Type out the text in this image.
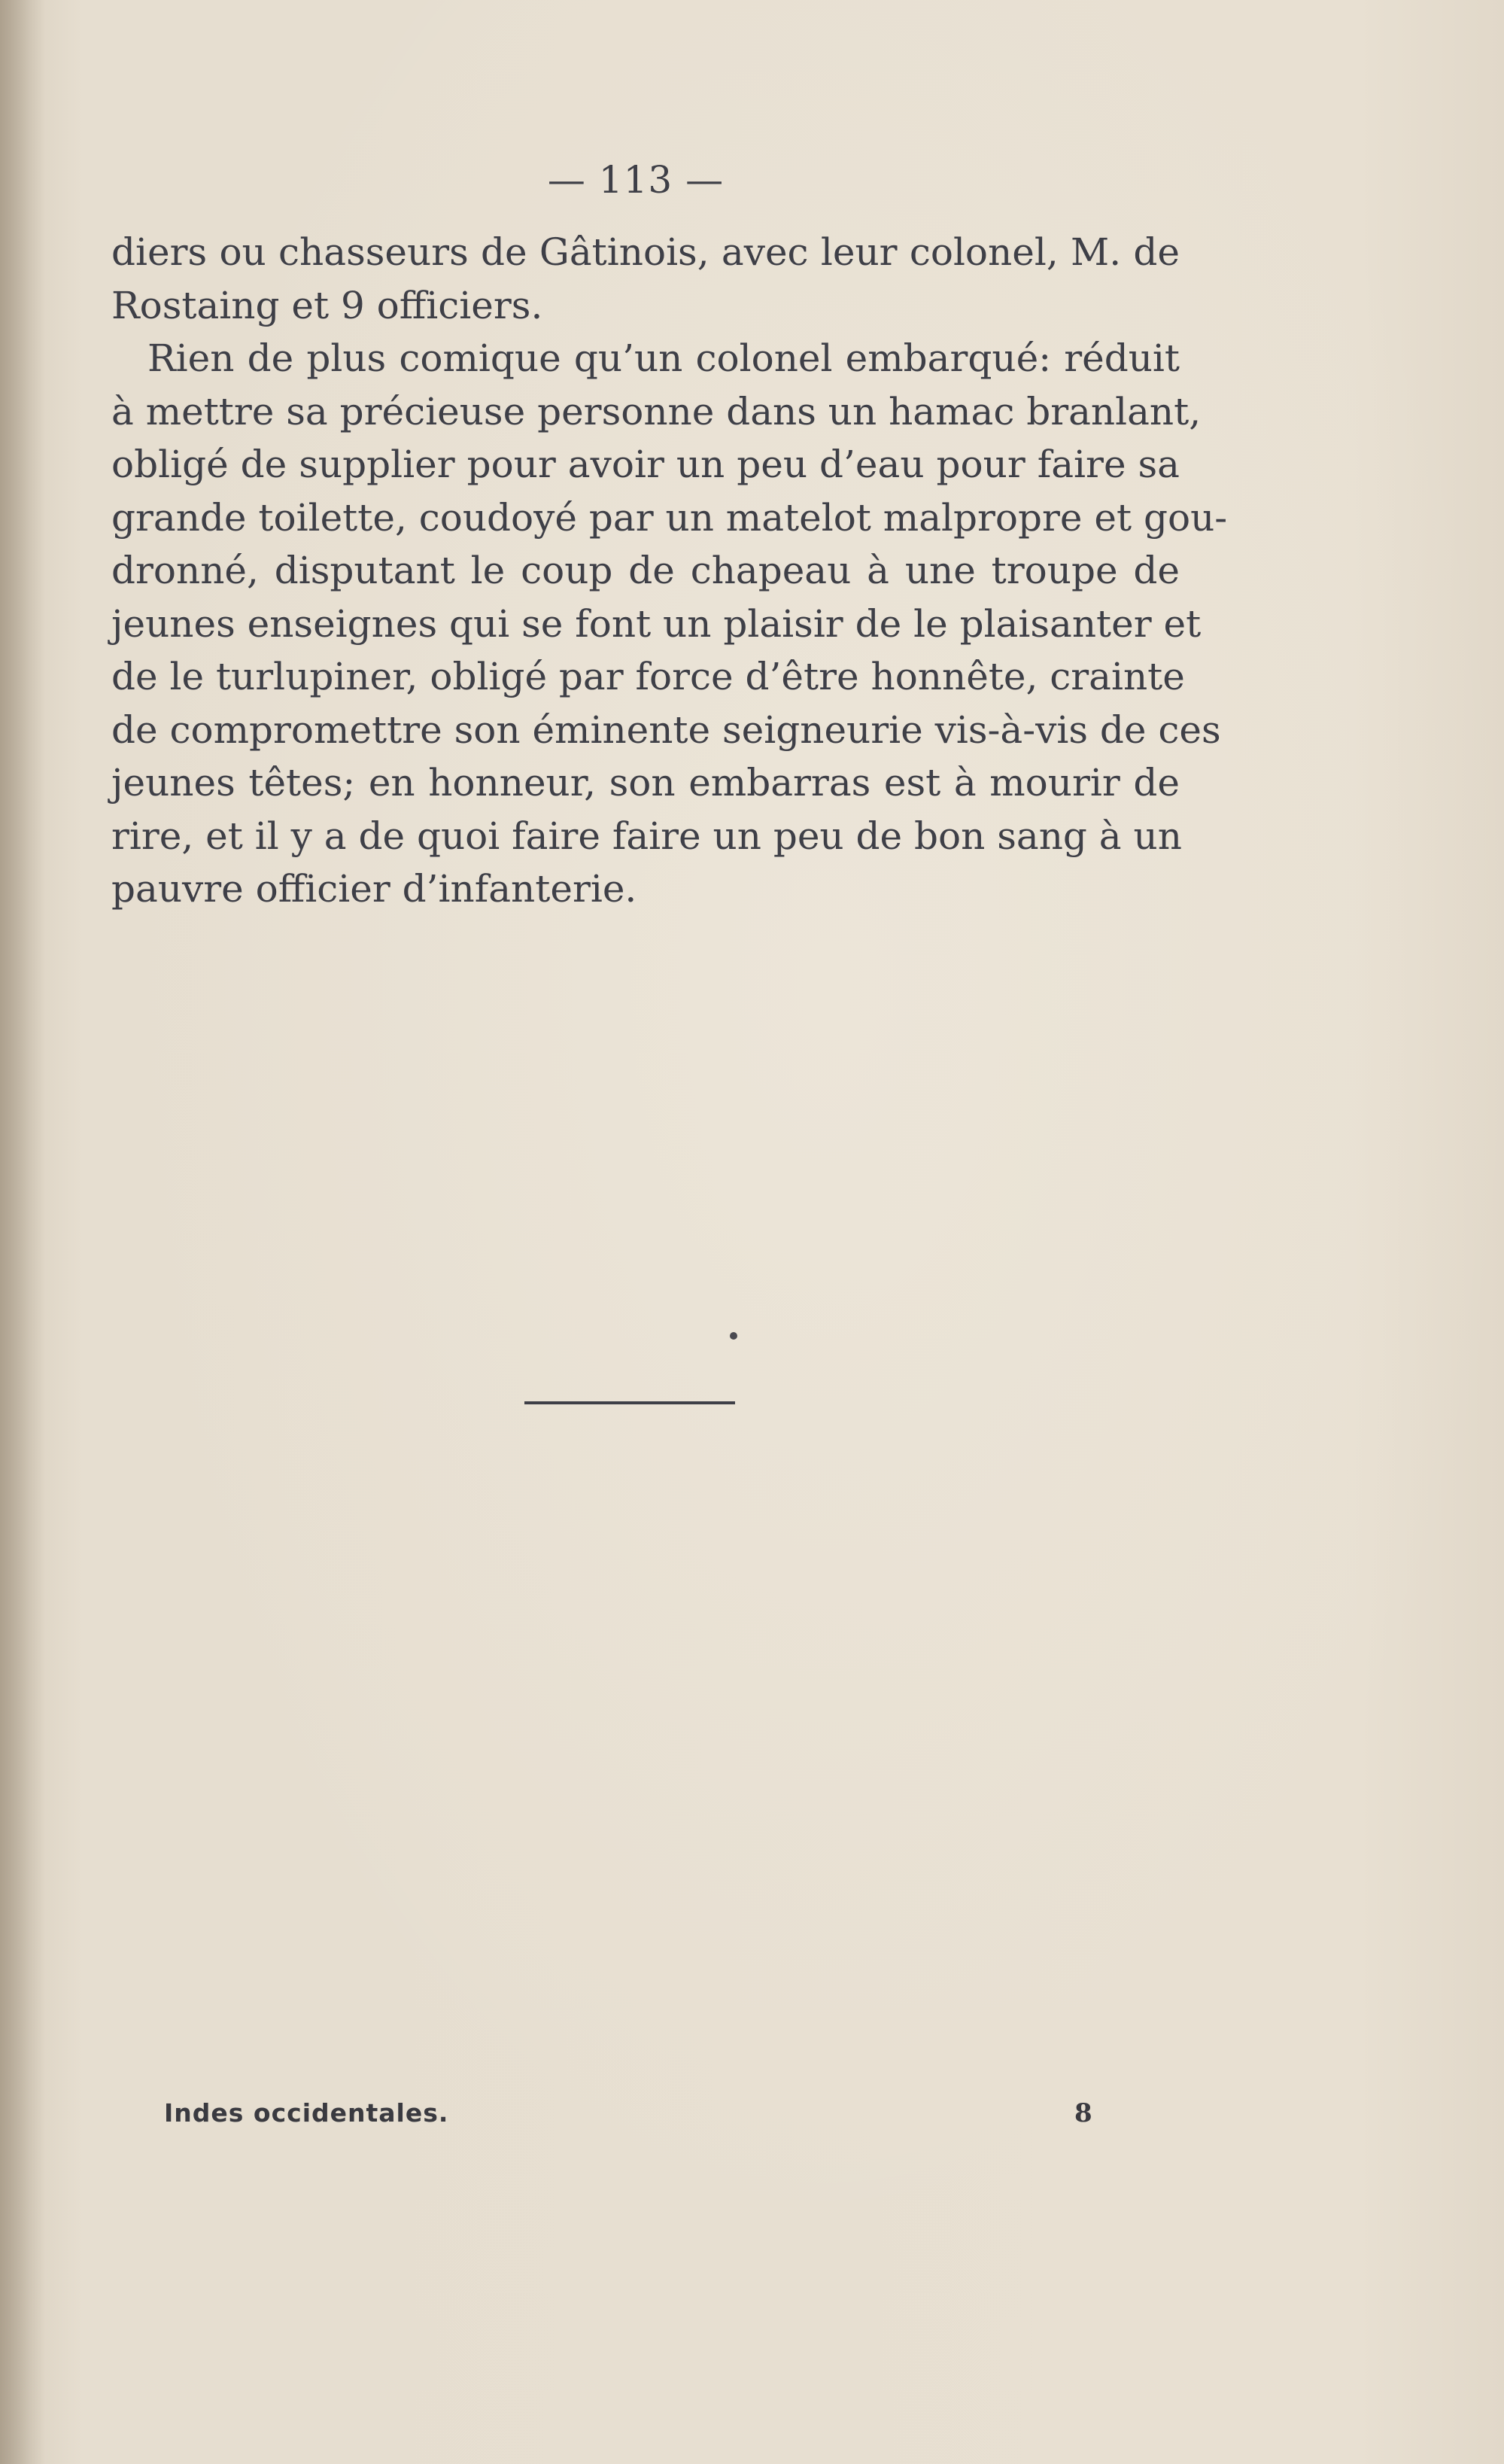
— 113 —
diers ou chasseurs de Gâtinois, avec leur colonel, M. de
Rostaing et 9 officiers.
Rien de plus comique qu’un colonel embarqué: réduit
à mettre sa précieuse personne dans un hamac branlant,
obligé de supplier pour avoir un peu d’eau pour faire sa
grande toilette, coudoyé par un matelot malpropre et gou-
dronné, disputant le coup de chapeau à une troupe de
jeunes enseignes qui se font un plaisir de le plaisanter et
de le turlupiner, obligé par force d’être honnête, crainte
de compromettre son éminente seigneurie vis-à-vis de ces
jeunes têtes; en honneur, son embarras est à mourir de
rire, et il y a de quoi faire faire un peu de bon sang à un
pauvre officier d’infanterie.
Indes occidentales.	8
